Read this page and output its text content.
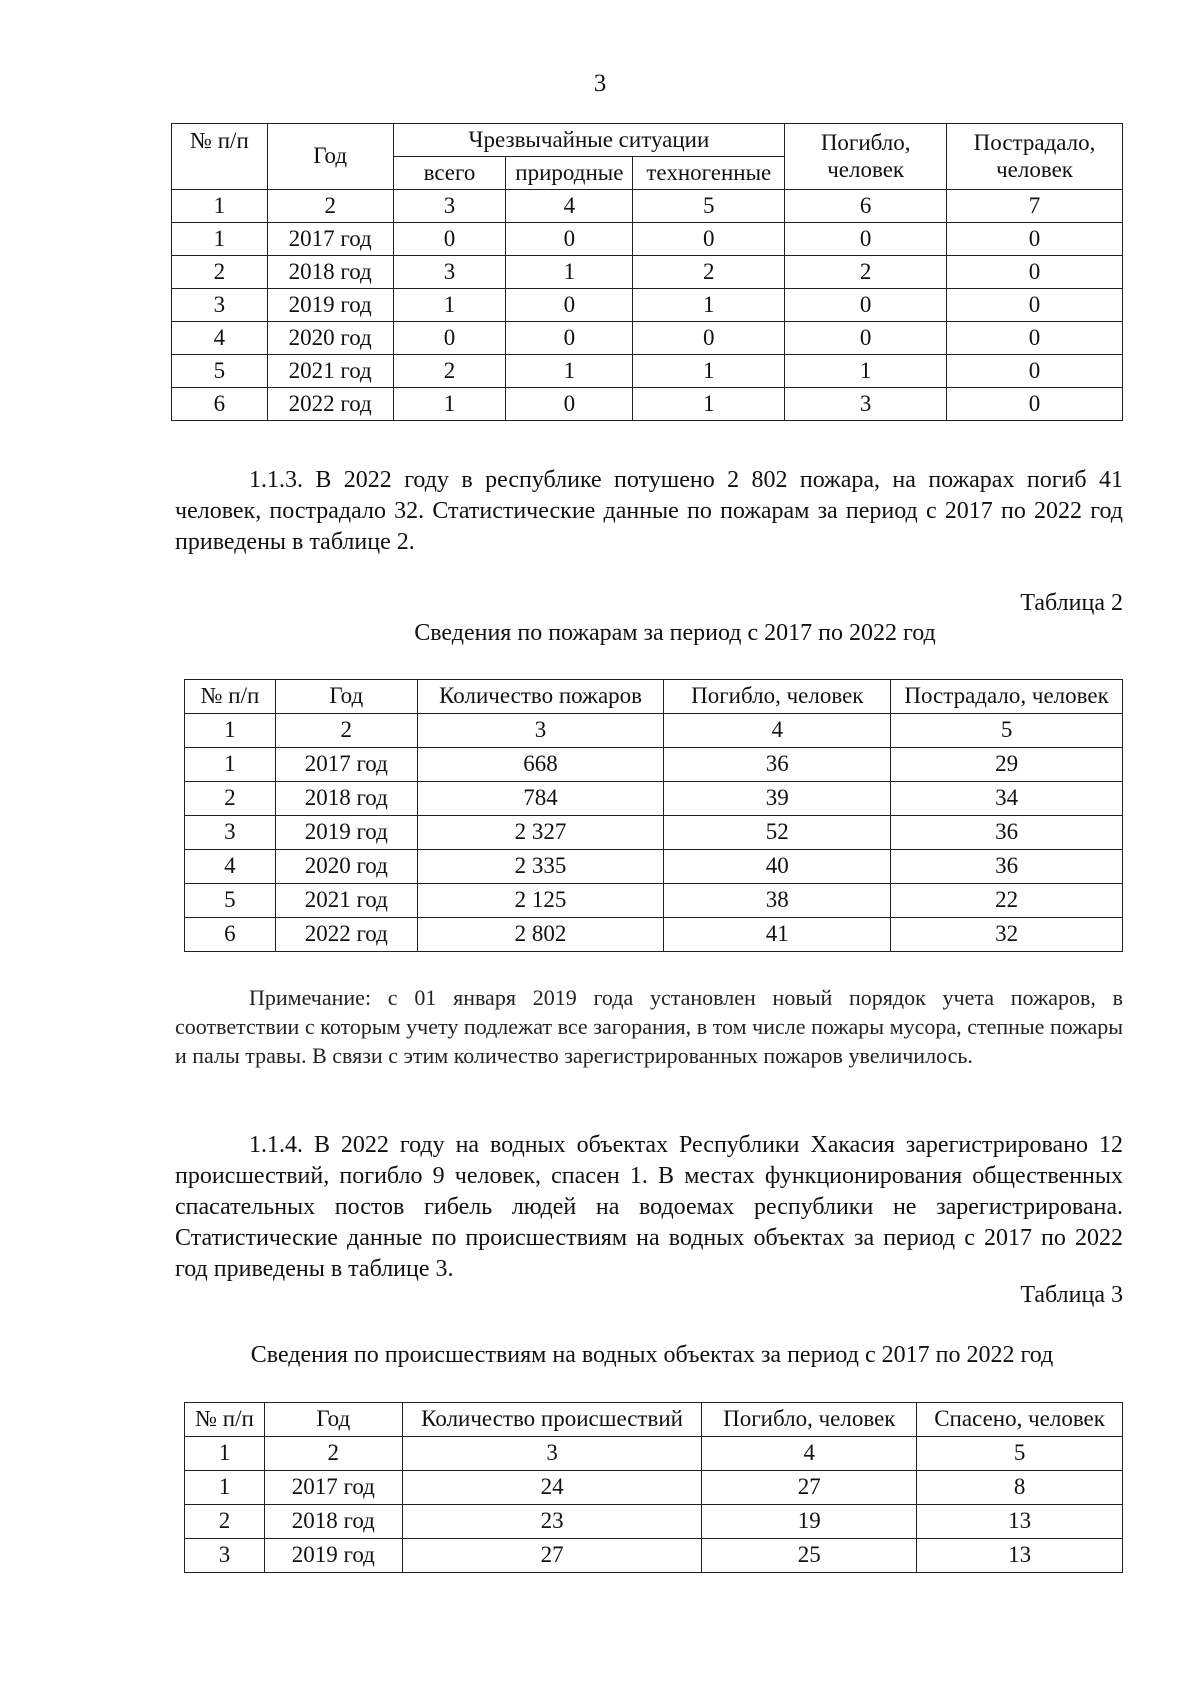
3
№ п/п	Год	Чрезвычайные ситуации			Погибло, человек	Пострадало, человек
		всего	природные	техногенные		
1	2	3	4	5	6	7
1	2017 год	0	0	0	0	0
2	2018 год	3	1	2	2	0
3	2019 год	1	0	1	0	0
4	2020 год	0	0	0	0	0
5	2021 год	2	1	1	1	0
6	2022 год	1	0	1	3	0
1.1.3. В 2022 году в республике потушено 2 802 пожара, на пожарах погиб 41 человек, пострадало 32. Статистические данные по пожарам за период с 2017 по 2022 год приведены в таблице 2.
Таблица 2
Сведения по пожарам за период с 2017 по 2022 год
№ п/п	Год	Количество пожаров	Погибло, человек	Пострадало, человек
1	2	3	4	5
1	2017 год	668	36	29
2	2018 год	784	39	34
3	2019 год	2 327	52	36
4	2020 год	2 335	40	36
5	2021 год	2 125	38	22
6	2022 год	2 802	41	32
Примечание: с 01 января 2019 года установлен новый порядок учета пожаров, в соответствии с которым учету подлежат все загорания, в том числе пожары мусора, степные пожары и палы травы. В связи с этим количество зарегистрированных пожаров увеличилось.
1.1.4. В 2022 году на водных объектах Республики Хакасия зарегистрировано 12 происшествий, погибло 9 человек, спасен 1. В местах функционирования общественных спасательных постов гибель людей на водоемах республики не зарегистрирована. Статистические данные по происшествиям на водных объектах за период с 2017 по 2022 год приведены в таблице 3.
Таблица 3
Сведения по происшествиям на водных объектах за период с 2017 по 2022 год
№ п/п	Год	Количество происшествий	Погибло, человек	Спасено, человек
1	2	3	4	5
1	2017 год	24	27	8
2	2018 год	23	19	13
3	2019 год	27	25	13
